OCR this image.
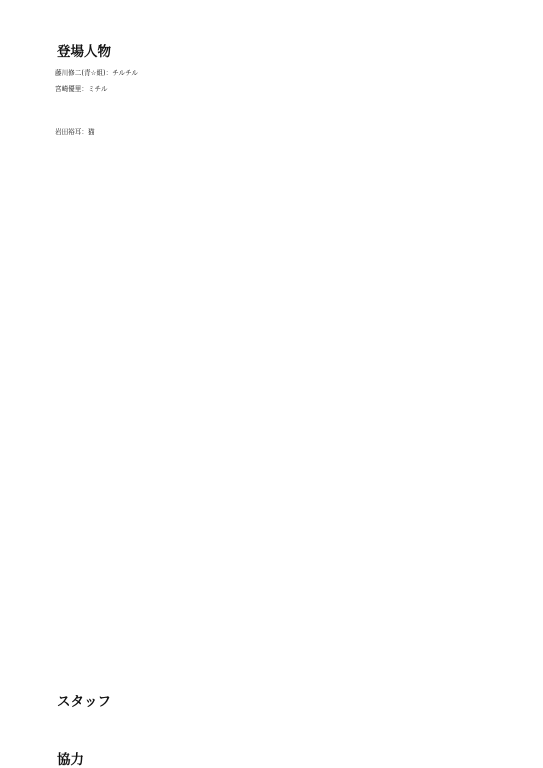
登場人物

藤川修二(青☆組)：チルチル

宮崎優里：ミチル

岩田裕耳：猫

スタッフ

協力
